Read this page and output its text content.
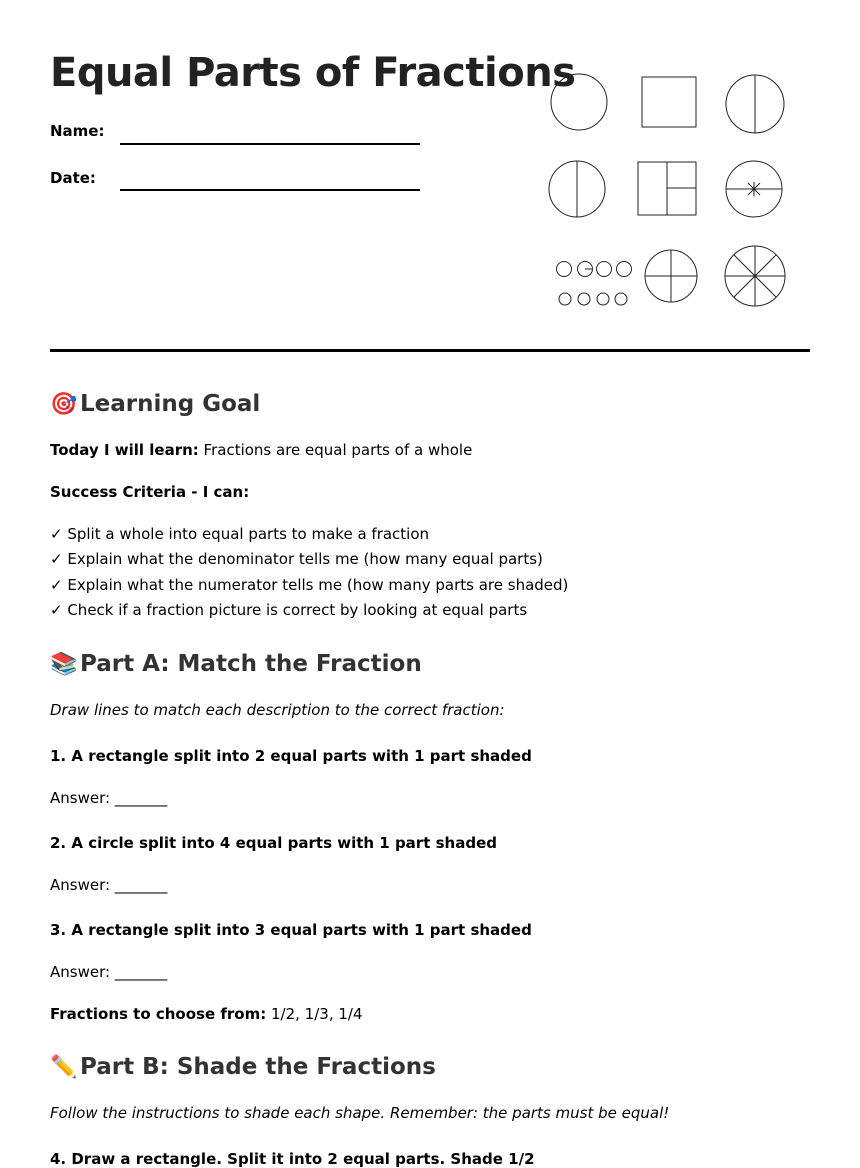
Equal Parts of Fractions
Name:
Date:
🎯 Learning Goal
Today I will learn: Fractions are equal parts of a whole
Success Criteria - I can:
✓ Split a whole into equal parts to make a fraction
✓ Explain what the denominator tells me (how many equal parts)
✓ Explain what the numerator tells me (how many parts are shaded)
✓ Check if a fraction picture is correct by looking at equal parts
📚 Part A: Match the Fraction
Draw lines to match each description to the correct fraction:
1. A rectangle split into 2 equal parts with 1 part shaded
Answer: _______
2. A circle split into 4 equal parts with 1 part shaded
Answer: _______
3. A rectangle split into 3 equal parts with 1 part shaded
Answer: _______
Fractions to choose from: 1/2, 1/3, 1/4
✏️ Part B: Shade the Fractions
Follow the instructions to shade each shape. Remember: the parts must be equal!
4. Draw a rectangle. Split it into 2 equal parts. Shade 1/2
